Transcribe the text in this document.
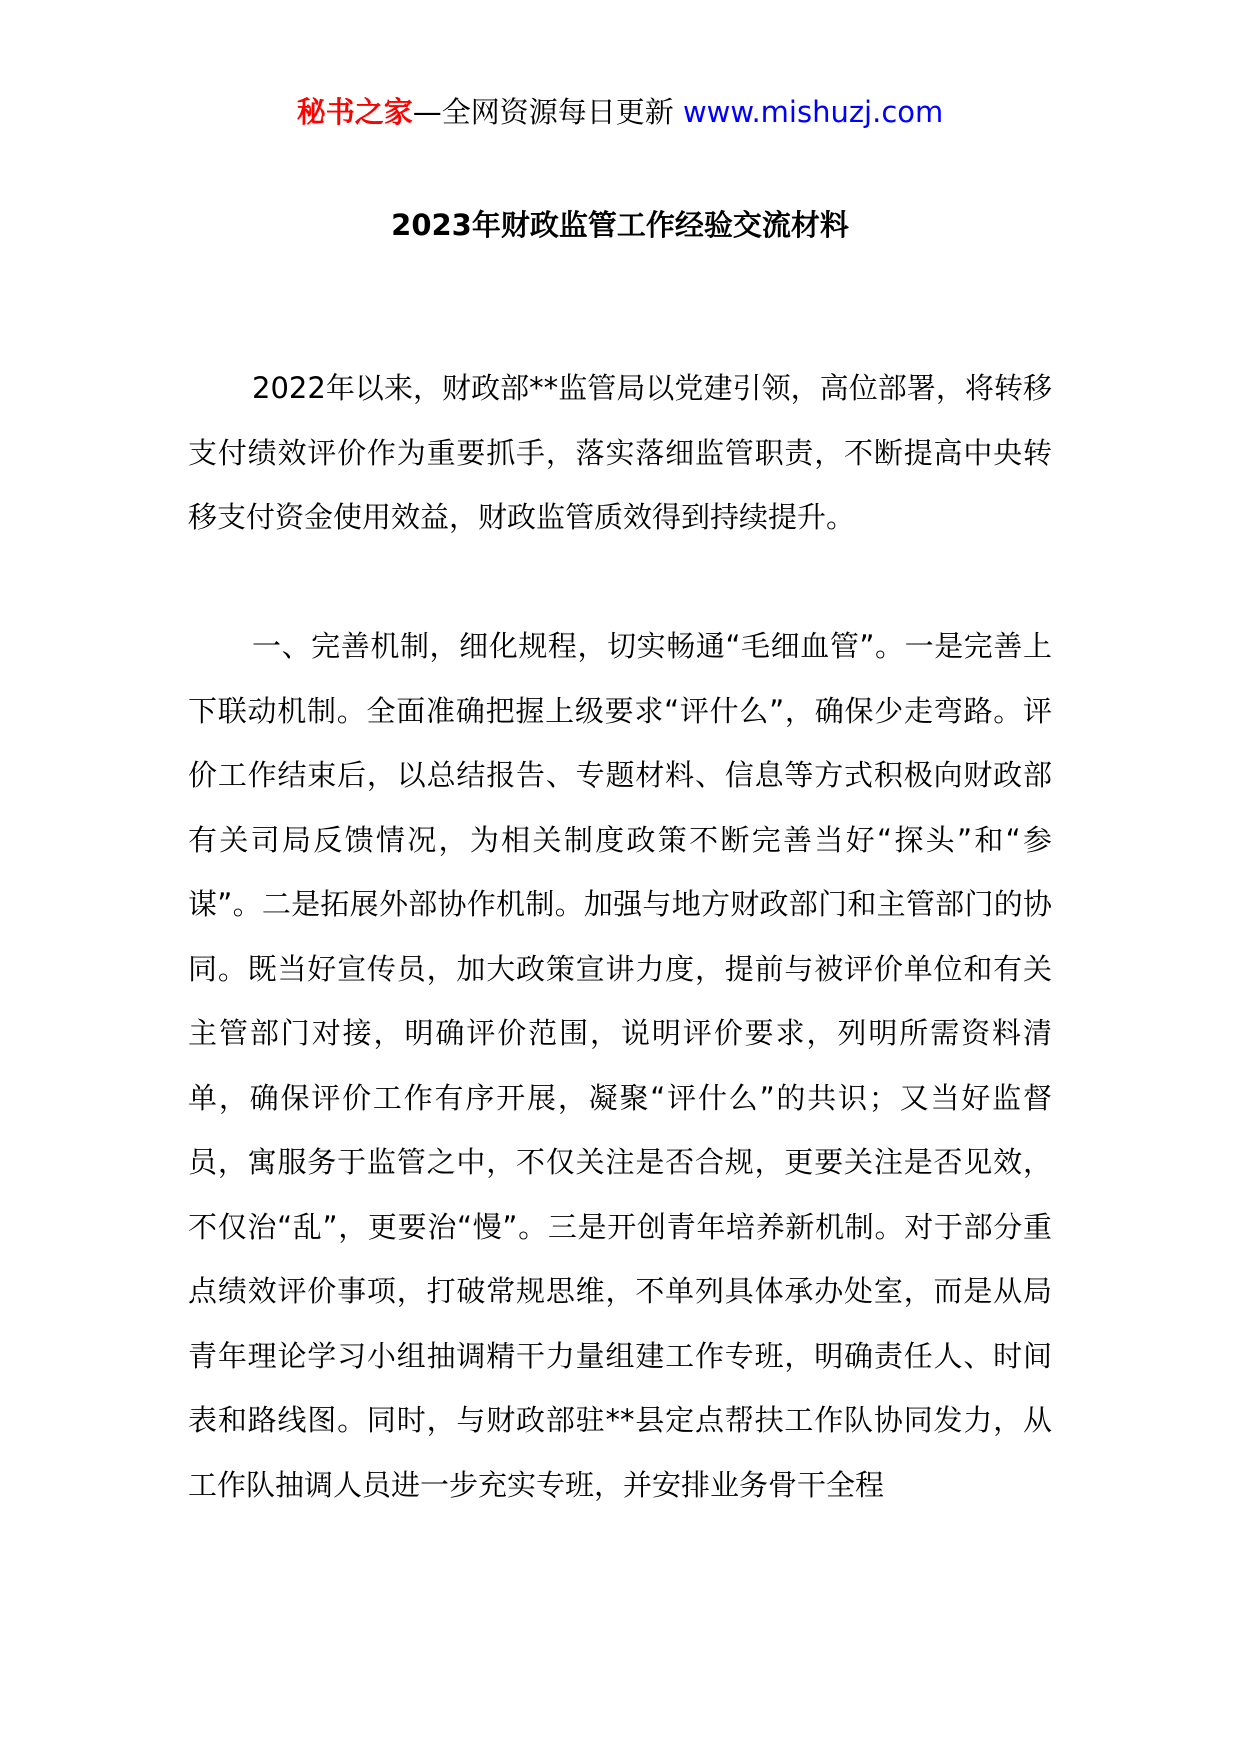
秘书之家—全网资源每日更新 www.mishuzj.com
2023年财政监管工作经验交流材料

2022年以来，财政部**监管局以党建引领，高位部署，将转移支付绩效评价作为重要抓手，落实落细监管职责，不断提高中央转移支付资金使用效益，财政监管质效得到持续提升。

一、完善机制，细化规程，切实畅通“毛细血管”。一是完善上下联动机制。全面准确把握上级要求“评什么”，确保少走弯路。评价工作结束后，以总结报告、专题材料、信息等方式积极向财政部有关司局反馈情况，为相关制度政策不断完善当好“探头”和“参谋”。二是拓展外部协作机制。加强与地方财政部门和主管部门的协同。既当好宣传员，加大政策宣讲力度，提前与被评价单位和有关主管部门对接，明确评价范围，说明评价要求，列明所需资料清单，确保评价工作有序开展，凝聚“评什么”的共识；又当好监督员，寓服务于监管之中，不仅关注是否合规，更要关注是否见效，不仅治“乱”，更要治“慢”。三是开创青年培养新机制。对于部分重点绩效评价事项，打破常规思维，不单列具体承办处室，而是从局青年理论学习小组抽调精干力量组建工作专班，明确责任人、时间表和路线图。同时，与财政部驻**县定点帮扶工作队协同发力，从工作队抽调人员进一步充实专班，并安排业务骨干全程
